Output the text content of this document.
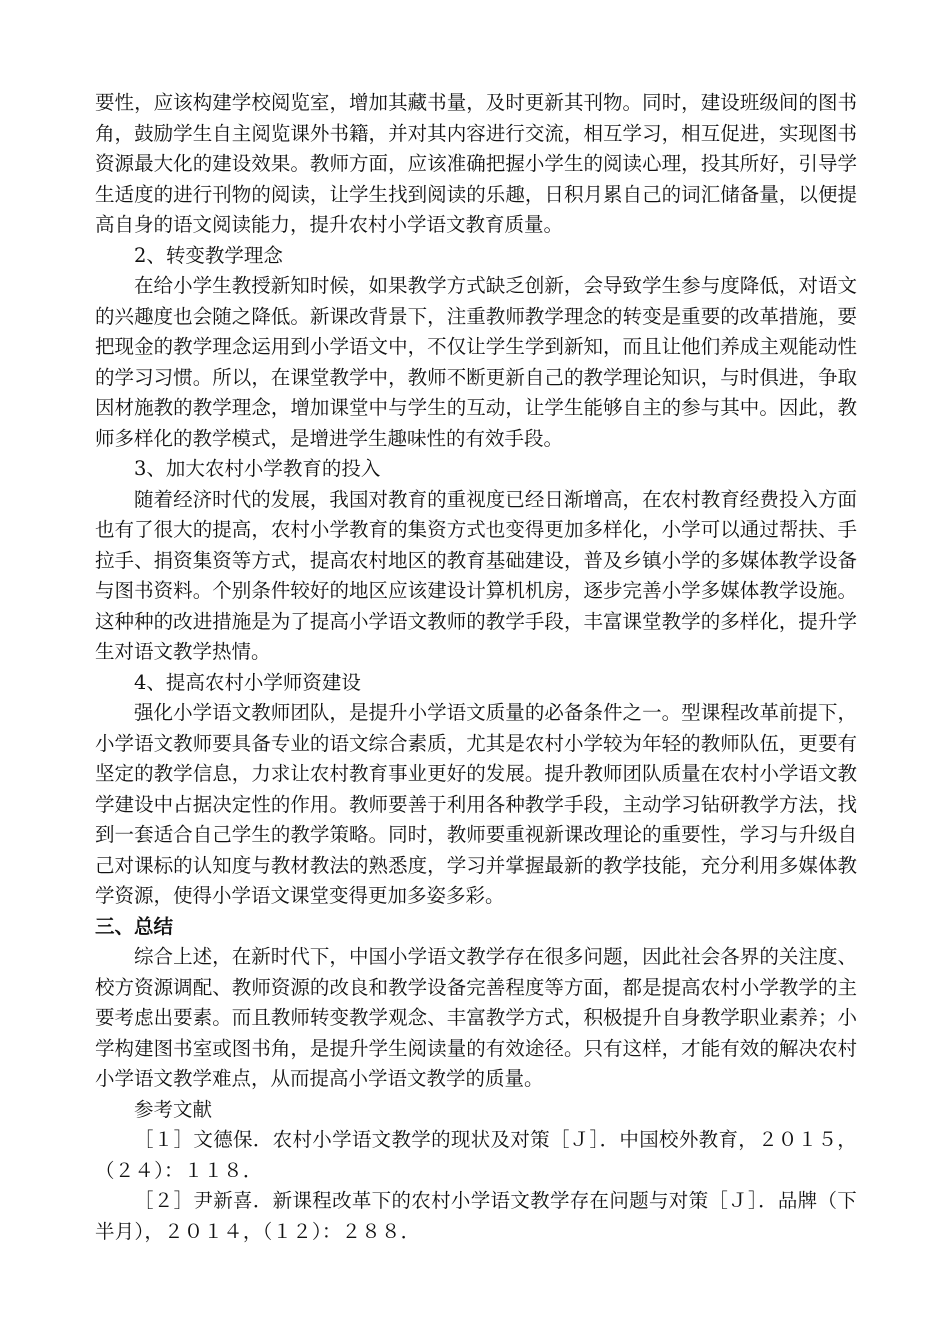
要性，应该构建学校阅览室，增加其藏书量，及时更新其刊物。同时，建设班级间的图书角，鼓励学生自主阅览课外书籍，并对其内容进行交流，相互学习，相互促进，实现图书资源最大化的建设效果。教师方面，应该准确把握小学生的阅读心理，投其所好，引导学生适度的进行刊物的阅读，让学生找到阅读的乐趣，日积月累自己的词汇储备量，以便提高自身的语文阅读能力，提升农村小学语文教育质量。

2、转变教学理念

在给小学生教授新知时候，如果教学方式缺乏创新，会导致学生参与度降低，对语文的兴趣度也会随之降低。新课改背景下，注重教师教学理念的转变是重要的改革措施，要把现金的教学理念运用到小学语文中，不仅让学生学到新知，而且让他们养成主观能动性的学习习惯。所以，在课堂教学中，教师不断更新自己的教学理论知识，与时俱进，争取因材施教的教学理念，增加课堂中与学生的互动，让学生能够自主的参与其中。因此，教师多样化的教学模式，是增进学生趣味性的有效手段。

3、加大农村小学教育的投入

随着经济时代的发展，我国对教育的重视度已经日渐增高，在农村教育经费投入方面也有了很大的提高，农村小学教育的集资方式也变得更加多样化，小学可以通过帮扶、手拉手、捐资集资等方式，提高农村地区的教育基础建设，普及乡镇小学的多媒体教学设备与图书资料。个别条件较好的地区应该建设计算机机房，逐步完善小学多媒体教学设施。这种种的改进措施是为了提高小学语文教师的教学手段，丰富课堂教学的多样化，提升学生对语文教学热情。

4、提高农村小学师资建设

强化小学语文教师团队，是提升小学语文质量的必备条件之一。型课程改革前提下，小学语文教师要具备专业的语文综合素质，尤其是农村小学较为年轻的教师队伍，更要有坚定的教学信息，力求让农村教育事业更好的发展。提升教师团队质量在农村小学语文教学建设中占据决定性的作用。教师要善于利用各种教学手段，主动学习钻研教学方法，找到一套适合自己学生的教学策略。同时，教师要重视新课改理论的重要性，学习与升级自己对课标的认知度与教材教法的熟悉度，学习并掌握最新的教学技能，充分利用多媒体教学资源，使得小学语文课堂变得更加多姿多彩。

三、总结

综合上述，在新时代下，中国小学语文教学存在很多问题，因此社会各界的关注度、校方资源调配、教师资源的改良和教学设备完善程度等方面，都是提高农村小学教学的主要考虑出要素。而且教师转变教学观念、丰富教学方式，积极提升自身教学职业素养；小学构建图书室或图书角，是提升学生阅读量的有效途径。只有这样，才能有效的解决农村小学语文教学难点，从而提高小学语文教学的质量。

参考文献

［１］文德保．农村小学语文教学的现状及对策［Ｊ］．中国校外教育，２０１５，（２４）：１１８．

［２］尹新喜．新课程改革下的农村小学语文教学存在问题与对策［Ｊ］．品牌（下半月），２０１４，（１２）：２８８．
